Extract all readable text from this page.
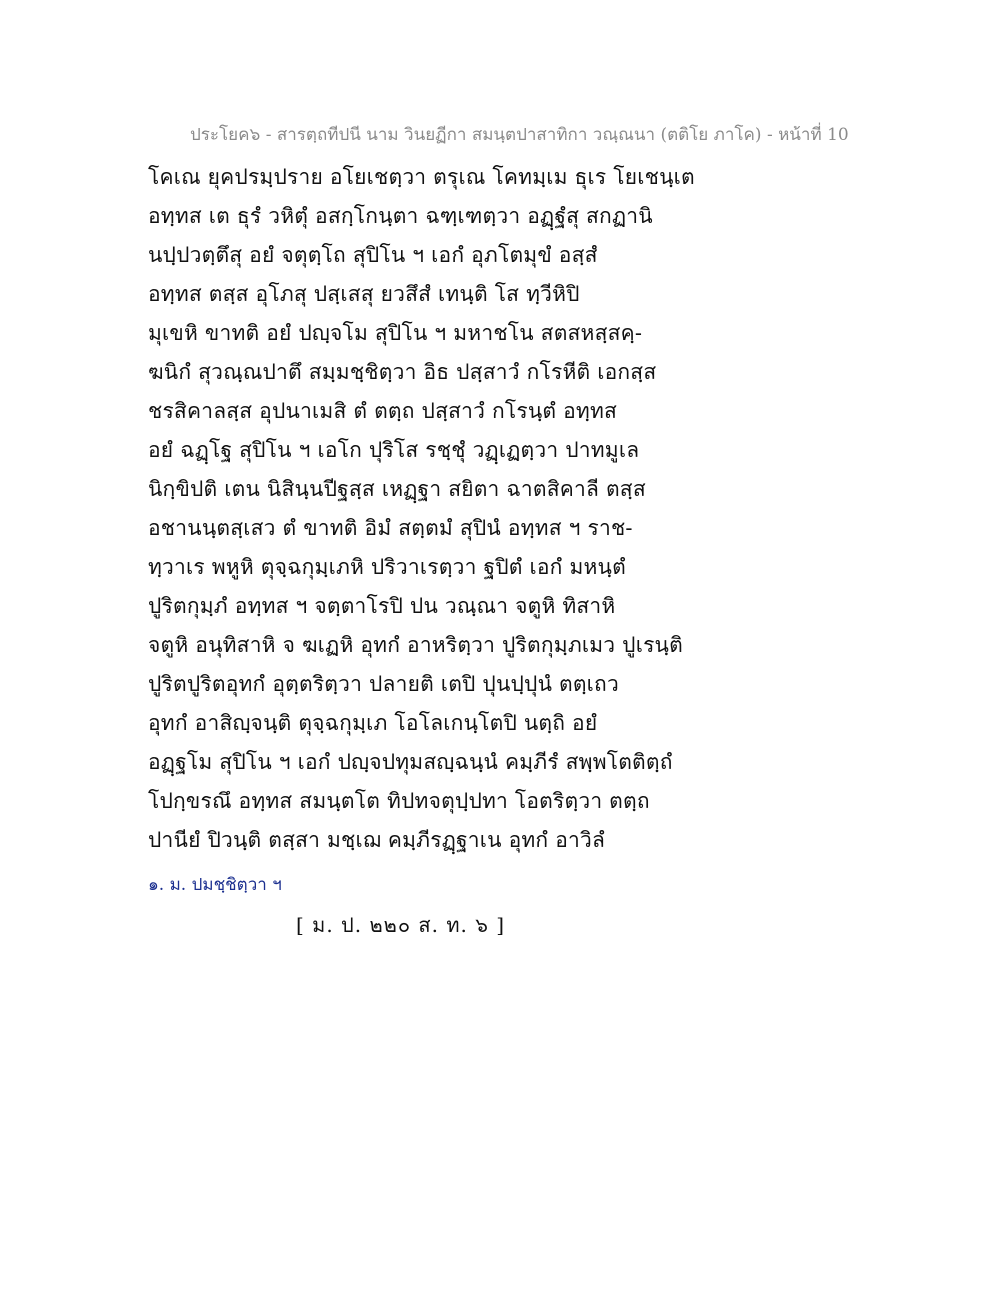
ประโยค๖ - สารตฺถทีปนี นาม วินยฏีกา สมนฺตปาสาทิกา วณฺณนา (ตติโย ภาโค) - หน้าที่ 10
โคเณ ยุคปรมฺปราย อโยเชตฺวา ตรุเณ โคทมฺเม ธุเร โยเชนฺเต
อทฺทส เต ธุรํ วหิตุํ อสกฺโกนฺตา ฉฑฺเฑตฺวา อฏฺฐํสุ สกฏานิ
นปฺปวตฺตึสุ อยํ จตุตฺโถ สุปิโน ฯ เอกํ อุภโตมุขํ อสฺสํ
อทฺทส ตสฺส อุโภสุ ปสฺเสสุ ยวสึสํ เทนฺติ โส ทฺวีหิปิ
มุเขหิ ขาทติ อยํ ปญฺจโม สุปิโน ฯ มหาชโน สตสหสฺสคฺ-
ฆนิกํ สุวณฺณปาตึ สมฺมชฺชิตฺวา อิธ ปสฺสาวํ กโรหีติ เอกสฺส
ชรสิคาลสฺส อุปนาเมสิ ตํ ตตฺถ ปสฺสาวํ กโรนฺตํ อทฺทส
อยํ ฉฏฺโฐ สุปิโน ฯ เอโก ปุริโส รชฺชุํ วฏฺเฏตฺวา ปาทมูเล
นิกฺขิปติ เตน นิสินฺนปีฐสฺส เหฏฺฐา สยิตา ฉาตสิคาลี ตสฺส
อชานนฺตสฺเสว ตํ ขาทติ อิมํ สตฺตมํ สุปินํ อทฺทส ฯ ราช-
ทฺวาเร พหูหิ ตุจฺฉกุมฺเภหิ ปริวาเรตฺวา ฐปิตํ เอกํ มหนฺตํ
ปูริตกุมฺภํ อทฺทส ฯ จตฺตาโรปิ ปน วณฺณา จตูหิ ทิสาหิ
จตูหิ อนุทิสาหิ จ ฆเฏหิ อุทกํ อาหริตฺวา ปูริตกุมฺภเมว ปูเรนฺติ
ปูริตปูริตอุทกํ อุตฺตริตฺวา ปลายติ เตปิ ปุนปฺปุนํ ตตฺเถว
อุทกํ อาสิญฺจนฺติ ตุจฺฉกุมฺเภ โอโลเกนฺโตปิ นตฺถิ อยํ
อฏฺฐโม สุปิโน ฯ เอกํ ปญฺจปทุมสญฺฉนฺนํ คมฺภีรํ สพฺพโตติตฺถํ
โปกฺขรณึ อทฺทส สมนฺตโต ทิปทจตุปฺปทา โอตริตฺวา ตตฺถ
ปานียํ ปิวนฺติ ตสฺสา มชฺเฌ คมฺภีรฏฺฐาเน อุทกํ อาวิลํ
๑. ม. ปมชฺชิตฺวา ฯ
[ ม. ป. ๒๒๐ ส. ท. ๖ ]
